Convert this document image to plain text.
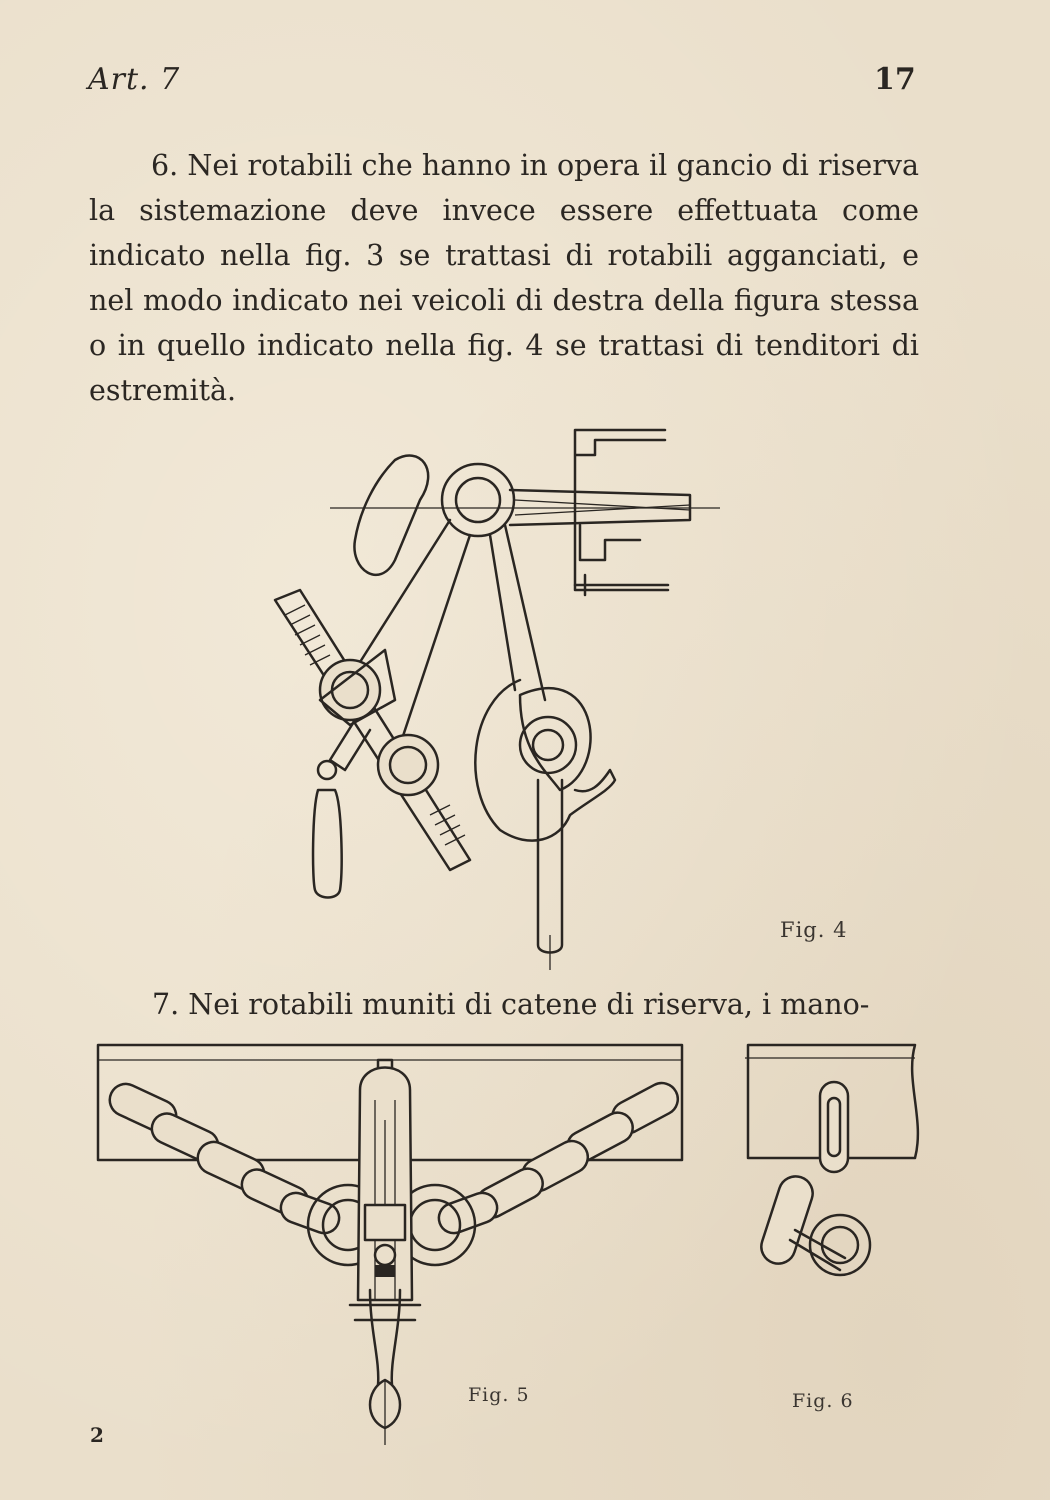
Art. 7	17
6. Nei rotabili che hanno in opera il gancio di riserva la sistemazione deve invece essere effettuata come indicato nella fig. 3 se trattasi di rotabili agganciati, e nel modo indicato nei veicoli di destra della figura stessa o in quello indicato nella fig. 4 se trattasi di tenditori di estremità.
Fig. 4
7. Nei rotabili muniti di catene di riserva, i mano-
Fig. 5	Fig. 6
2
